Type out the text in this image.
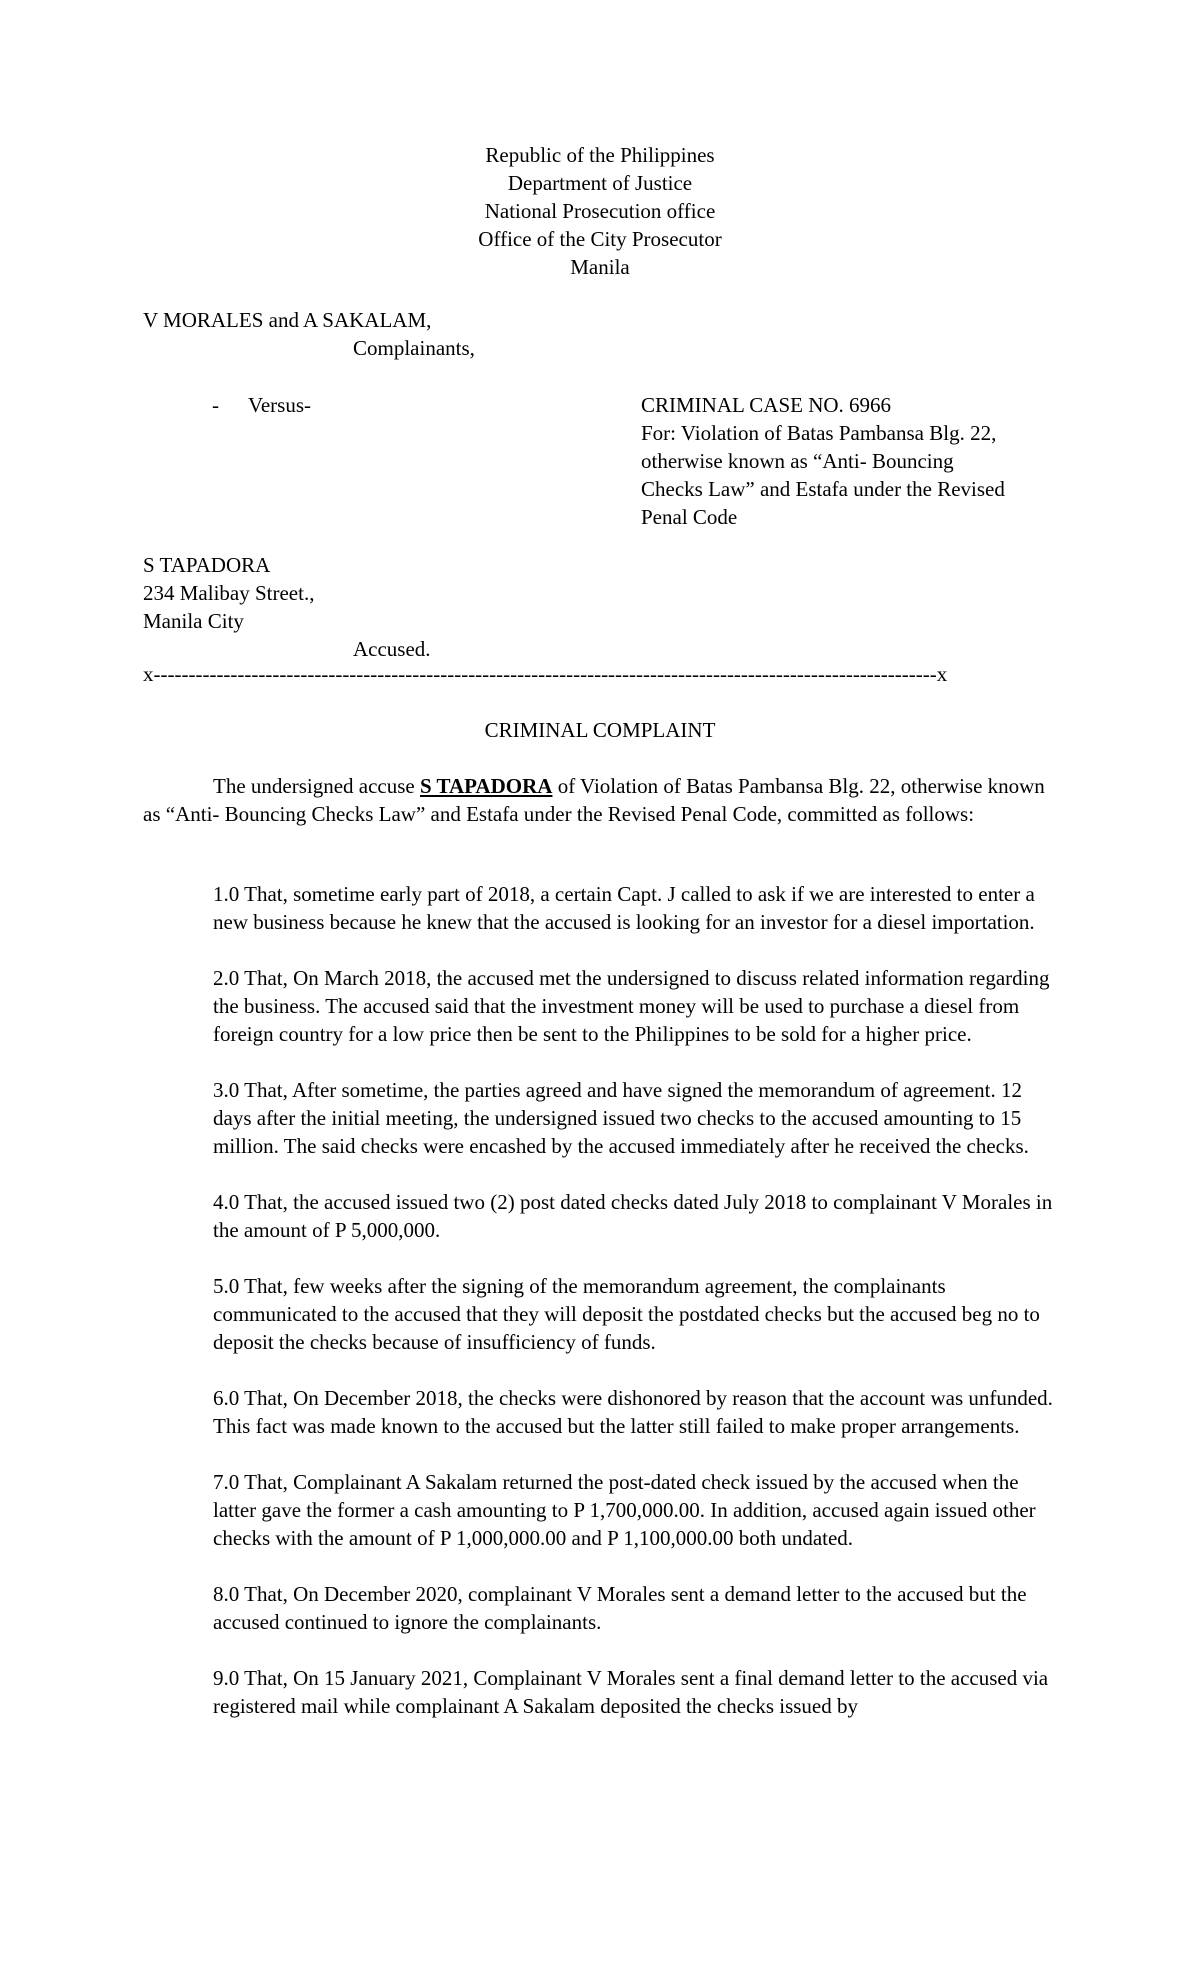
Republic of the Philippines
Department of Justice
National Prosecution office
Office of the City Prosecutor
Manila
V MORALES and A SAKALAM,
Complainants,
- Versus-	CRIMINAL CASE NO. 6966
For: Violation of Batas Pambansa Blg. 22,
otherwise known as “Anti- Bouncing
Checks Law” and Estafa under the Revised
Penal Code
S TAPADORA
234 Malibay Street.,
Manila City
Accused.
x----------------------------------------------------------------------------------------------------------------x
CRIMINAL COMPLAINT
The undersigned accuse S TAPADORA of Violation of Batas Pambansa Blg. 22, otherwise known as “Anti- Bouncing Checks Law” and Estafa under the Revised Penal Code, committed as follows:
1.0 That, sometime early part of 2018, a certain Capt. J called to ask if we are interested to enter a new business because he knew that the accused is looking for an investor for a diesel importation.
2.0 That, On March 2018, the accused met the undersigned to discuss related information regarding the business. The accused said that the investment money will be used to purchase a diesel from foreign country for a low price then be sent to the Philippines to be sold for a higher price.
3.0 That, After sometime, the parties agreed and have signed the memorandum of agreement. 12 days after the initial meeting, the undersigned issued two checks to the accused amounting to 15 million. The said checks were encashed by the accused immediately after he received the checks.
4.0 That, the accused issued two (2) post dated checks dated July 2018 to complainant V Morales in the amount of P 5,000,000.
5.0 That, few weeks after the signing of the memorandum agreement, the complainants communicated to the accused that they will deposit the postdated checks but the accused beg no to deposit the checks because of insufficiency of funds.
6.0 That, On December 2018, the checks were dishonored by reason that the account was unfunded. This fact was made known to the accused but the latter still failed to make proper arrangements.
7.0 That, Complainant A Sakalam returned the post-dated check issued by the accused when the latter gave the former a cash amounting to P 1,700,000.00. In addition, accused again issued other checks with the amount of P 1,000,000.00 and P 1,100,000.00 both undated.
8.0 That, On December 2020, complainant V Morales sent a demand letter to the accused but the accused continued to ignore the complainants.
9.0 That, On 15 January 2021, Complainant V Morales sent a final demand letter to the accused via registered mail while complainant A Sakalam deposited the checks issued by
